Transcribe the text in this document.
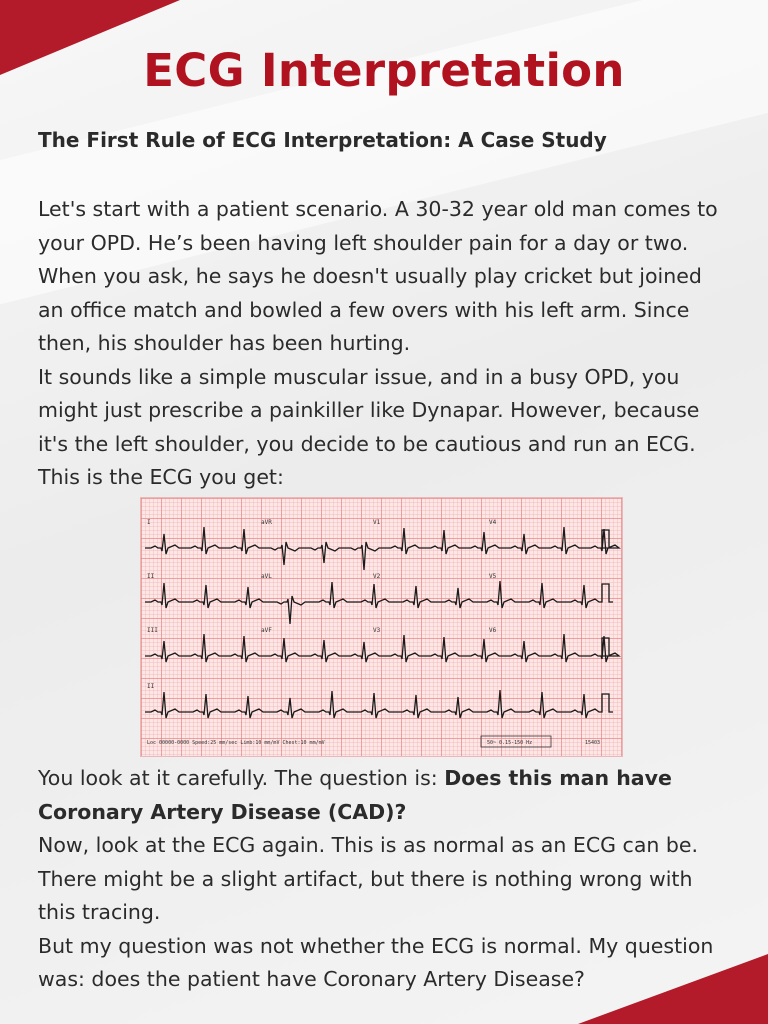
ECG Interpretation
The First Rule of ECG Interpretation: A Case Study
Let's start with a patient scenario. A 30-32 year old man comes to
your OPD. He’s been having left shoulder pain for a day or two.
When you ask, he says he doesn't usually play cricket but joined
an office match and bowled a few overs with his left arm. Since
then, his shoulder has been hurting.
It sounds like a simple muscular issue, and in a busy OPD, you
might just prescribe a painkiller like Dynapar. However, because
it's the left shoulder, you decide to be cautious and run an ECG.
This is the ECG you get:
You look at it carefully. The question is: Does this man have
Coronary Artery Disease (CAD)?
Now, look at the ECG again. This is as normal as an ECG can be.
There might be a slight artifact, but there is nothing wrong with
this tracing.
But my question was not whether the ECG is normal. My question
was: does the patient have Coronary Artery Disease?
I	aVR	V1	V4
II	aVL	V2	V5
III	aVF	V3	V6
II
Loc 00000-0000 Speed:25 mm/sec Limb:10 mm/mV Chest:10 mm/mV	50~ 0.15-150 Hz	15403
